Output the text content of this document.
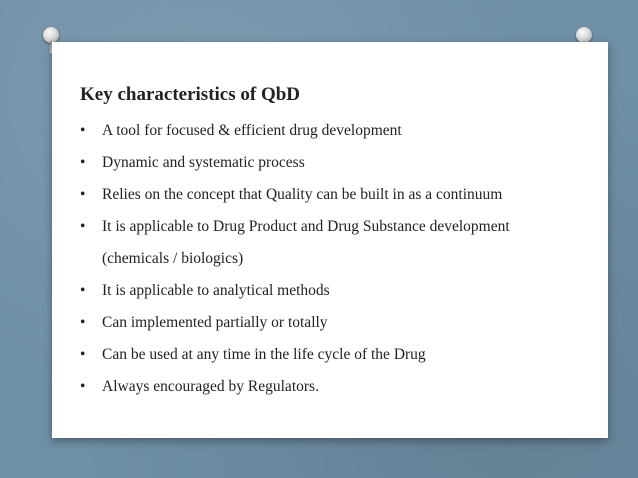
Key characteristics of QbD
• A tool for focused & efficient drug development
• Dynamic and systematic process
• Relies on the concept that Quality can be built in as a continuum
• It is applicable to Drug Product and Drug Substance development
(chemicals / biologics)
• It is applicable to analytical methods
• Can implemented partially or totally
• Can be used at any time in the life cycle of the Drug
• Always encouraged by Regulators.
